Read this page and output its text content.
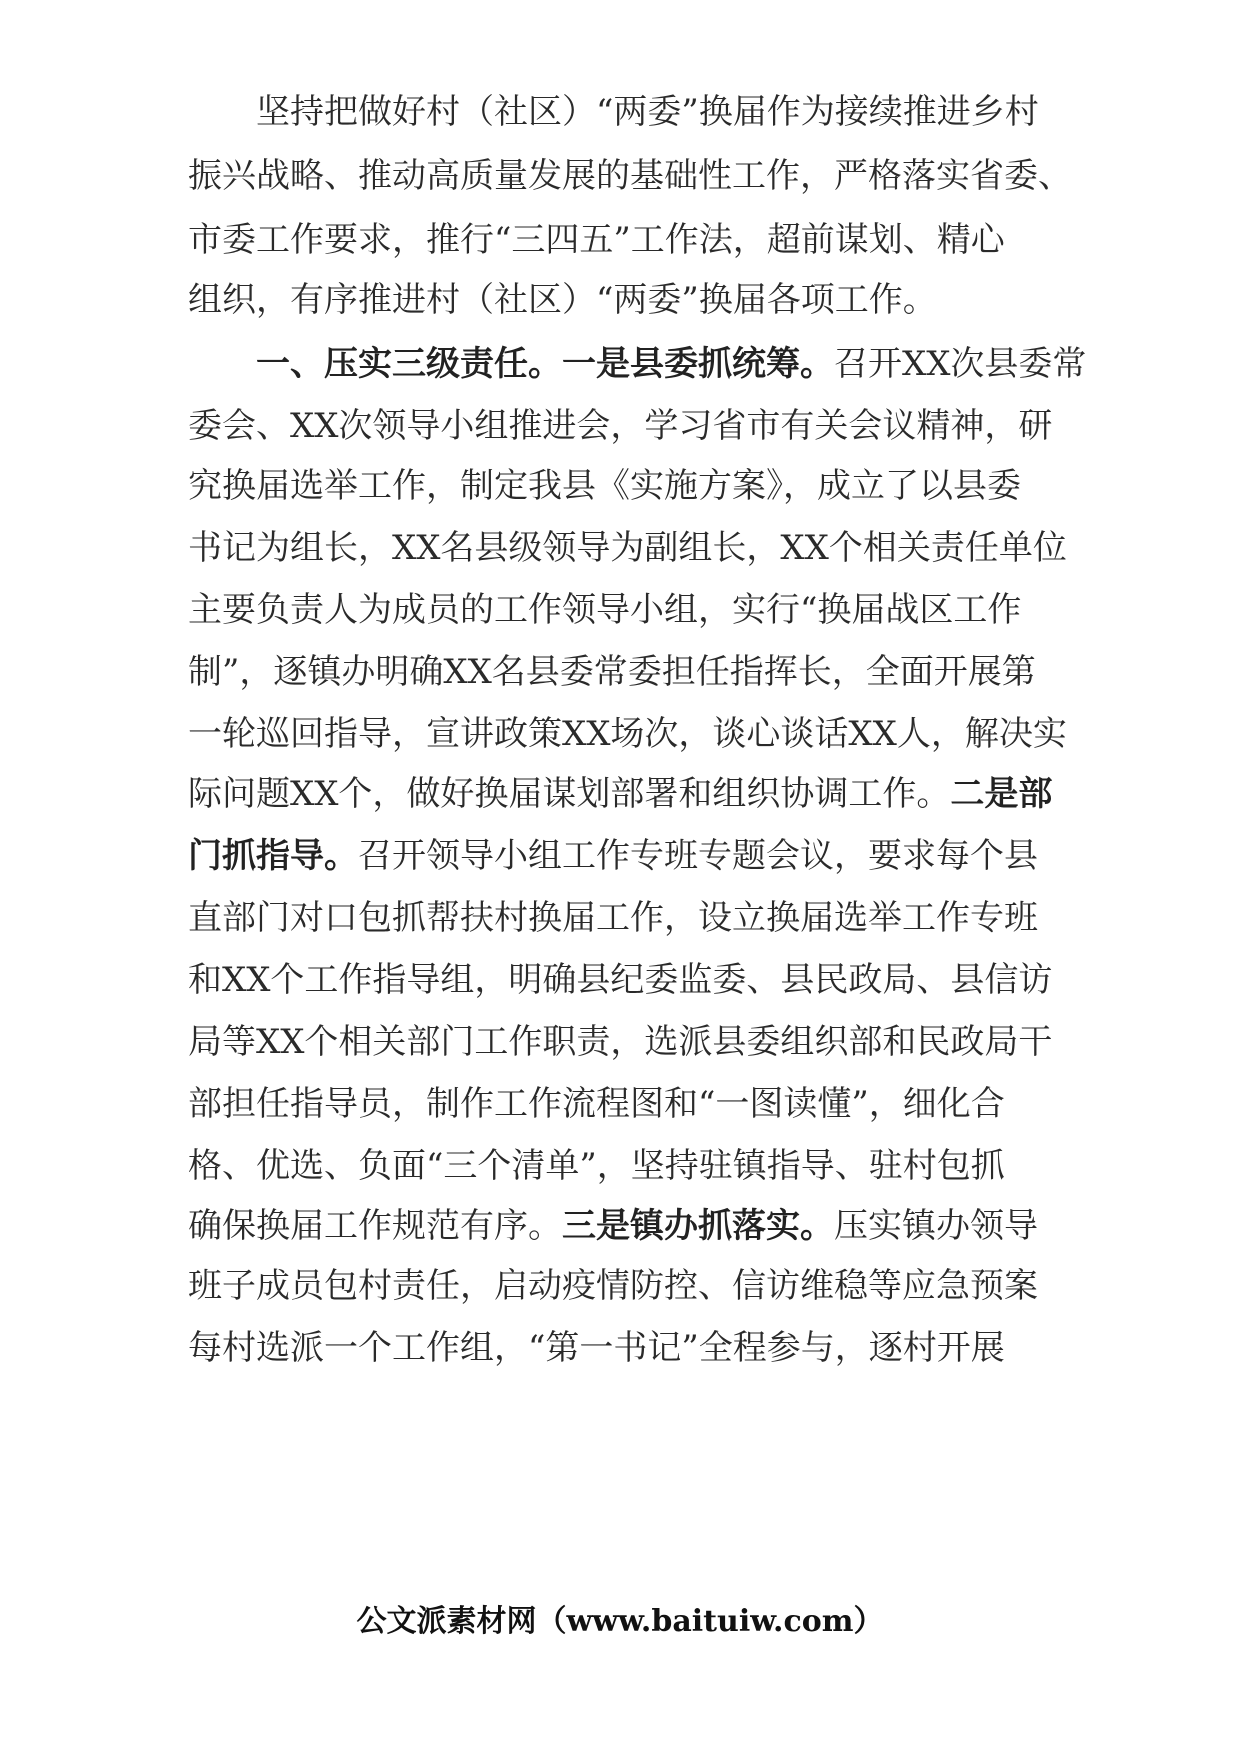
　　坚持把做好村（社区）“两委”换届作为接续推进乡村
振兴战略、推动高质量发展的基础性工作，严格落实省委、
市委工作要求，推行“三四五”工作法，超前谋划、精心
组织，有序推进村（社区）“两委”换届各项工作。
　　一、压实三级责任。一是县委抓统筹。召开XX次县委常
委会、XX次领导小组推进会，学习省市有关会议精神，研
究换届选举工作，制定我县《实施方案》，成立了以县委
书记为组长，XX名县级领导为副组长，XX个相关责任单位
主要负责人为成员的工作领导小组，实行“换届战区工作
制”，逐镇办明确XX名县委常委担任指挥长，全面开展第
一轮巡回指导，宣讲政策XX场次，谈心谈话XX人，解决实
际问题XX个，做好换届谋划部署和组织协调工作。二是部
门抓指导。召开领导小组工作专班专题会议，要求每个县
直部门对口包抓帮扶村换届工作，设立换届选举工作专班
和XX个工作指导组，明确县纪委监委、县民政局、县信访
局等XX个相关部门工作职责，选派县委组织部和民政局干
部担任指导员，制作工作流程图和“一图读懂”，细化合
格、优选、负面“三个清单”，坚持驻镇指导、驻村包抓
确保换届工作规范有序。三是镇办抓落实。压实镇办领导
班子成员包村责任，启动疫情防控、信访维稳等应急预案
每村选派一个工作组，“第一书记”全程参与，逐村开展
公文派素材网（www.baituiw.com）
